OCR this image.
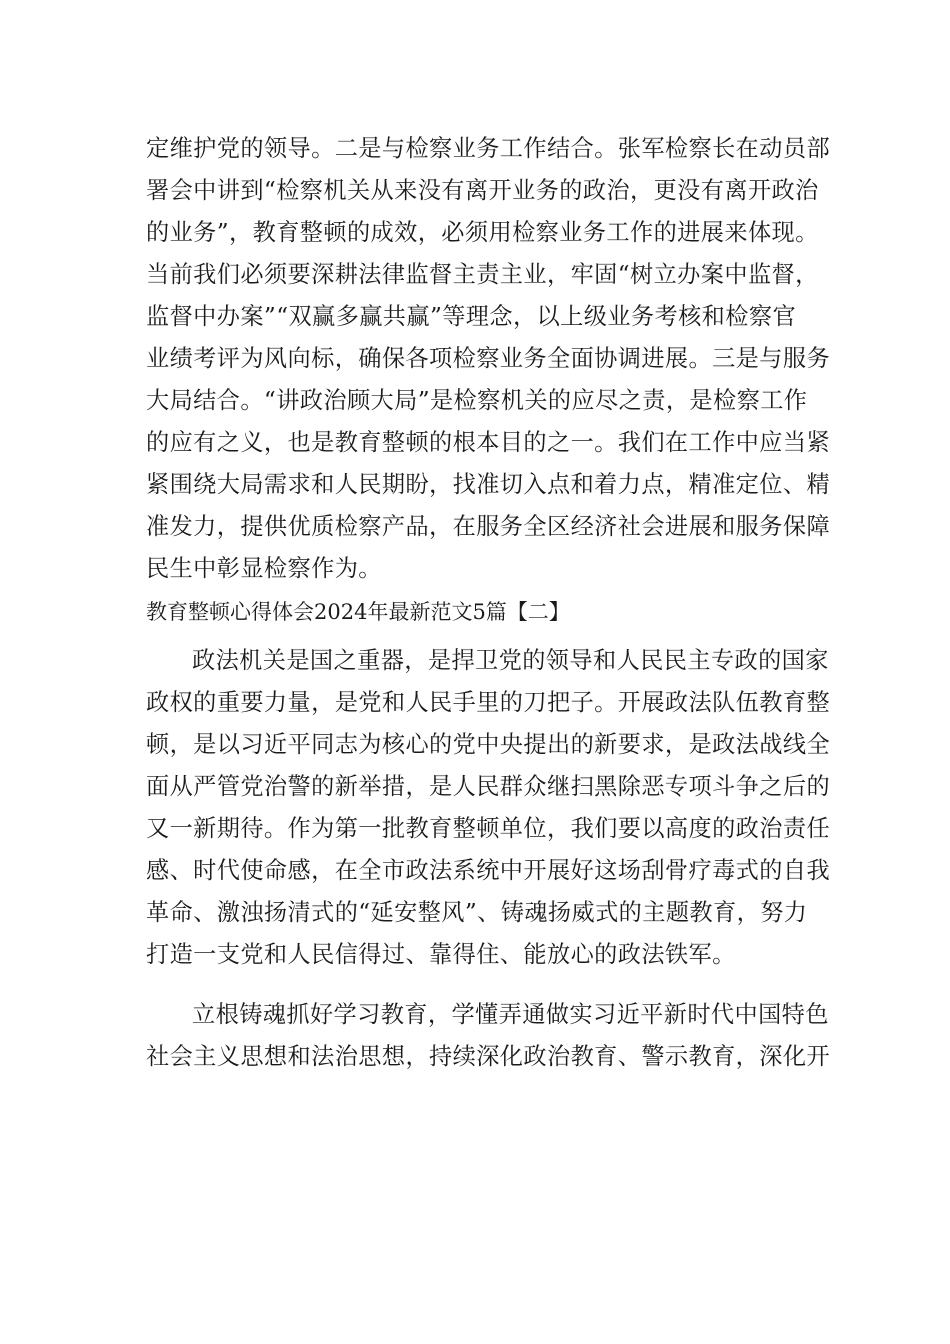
定维护党的领导。二是与检察业务工作结合。张军检察长在动员部
署会中讲到“检察机关从来没有离开业务的政治，更没有离开政治
的业务”，教育整顿的成效，必须用检察业务工作的进展来体现。
当前我们必须要深耕法律监督主责主业，牢固“树立办案中监督，
监督中办案”“双赢多赢共赢”等理念，以上级业务考核和检察官
业绩考评为风向标，确保各项检察业务全面协调进展。三是与服务
大局结合。“讲政治顾大局”是检察机关的应尽之责，是检察工作
的应有之义，也是教育整顿的根本目的之一。我们在工作中应当紧
紧围绕大局需求和人民期盼，找准切入点和着力点，精准定位、精
准发力，提供优质检察产品，在服务全区经济社会进展和服务保障
民生中彰显检察作为。
教育整顿心得体会2024年最新范文5篇【二】
政法机关是国之重器，是捍卫党的领导和人民民主专政的国家
政权的重要力量，是党和人民手里的刀把子。开展政法队伍教育整
顿，是以习近平同志为核心的党中央提出的新要求，是政法战线全
面从严管党治警的新举措，是人民群众继扫黑除恶专项斗争之后的
又一新期待。作为第一批教育整顿单位，我们要以高度的政治责任
感、时代使命感，在全市政法系统中开展好这场刮骨疗毒式的自我
革命、激浊扬清式的“延安整风”、铸魂扬威式的主题教育，努力
打造一支党和人民信得过、靠得住、能放心的政法铁军。
立根铸魂抓好学习教育，学懂弄通做实习近平新时代中国特色
社会主义思想和法治思想，持续深化政治教育、警示教育，深化开
